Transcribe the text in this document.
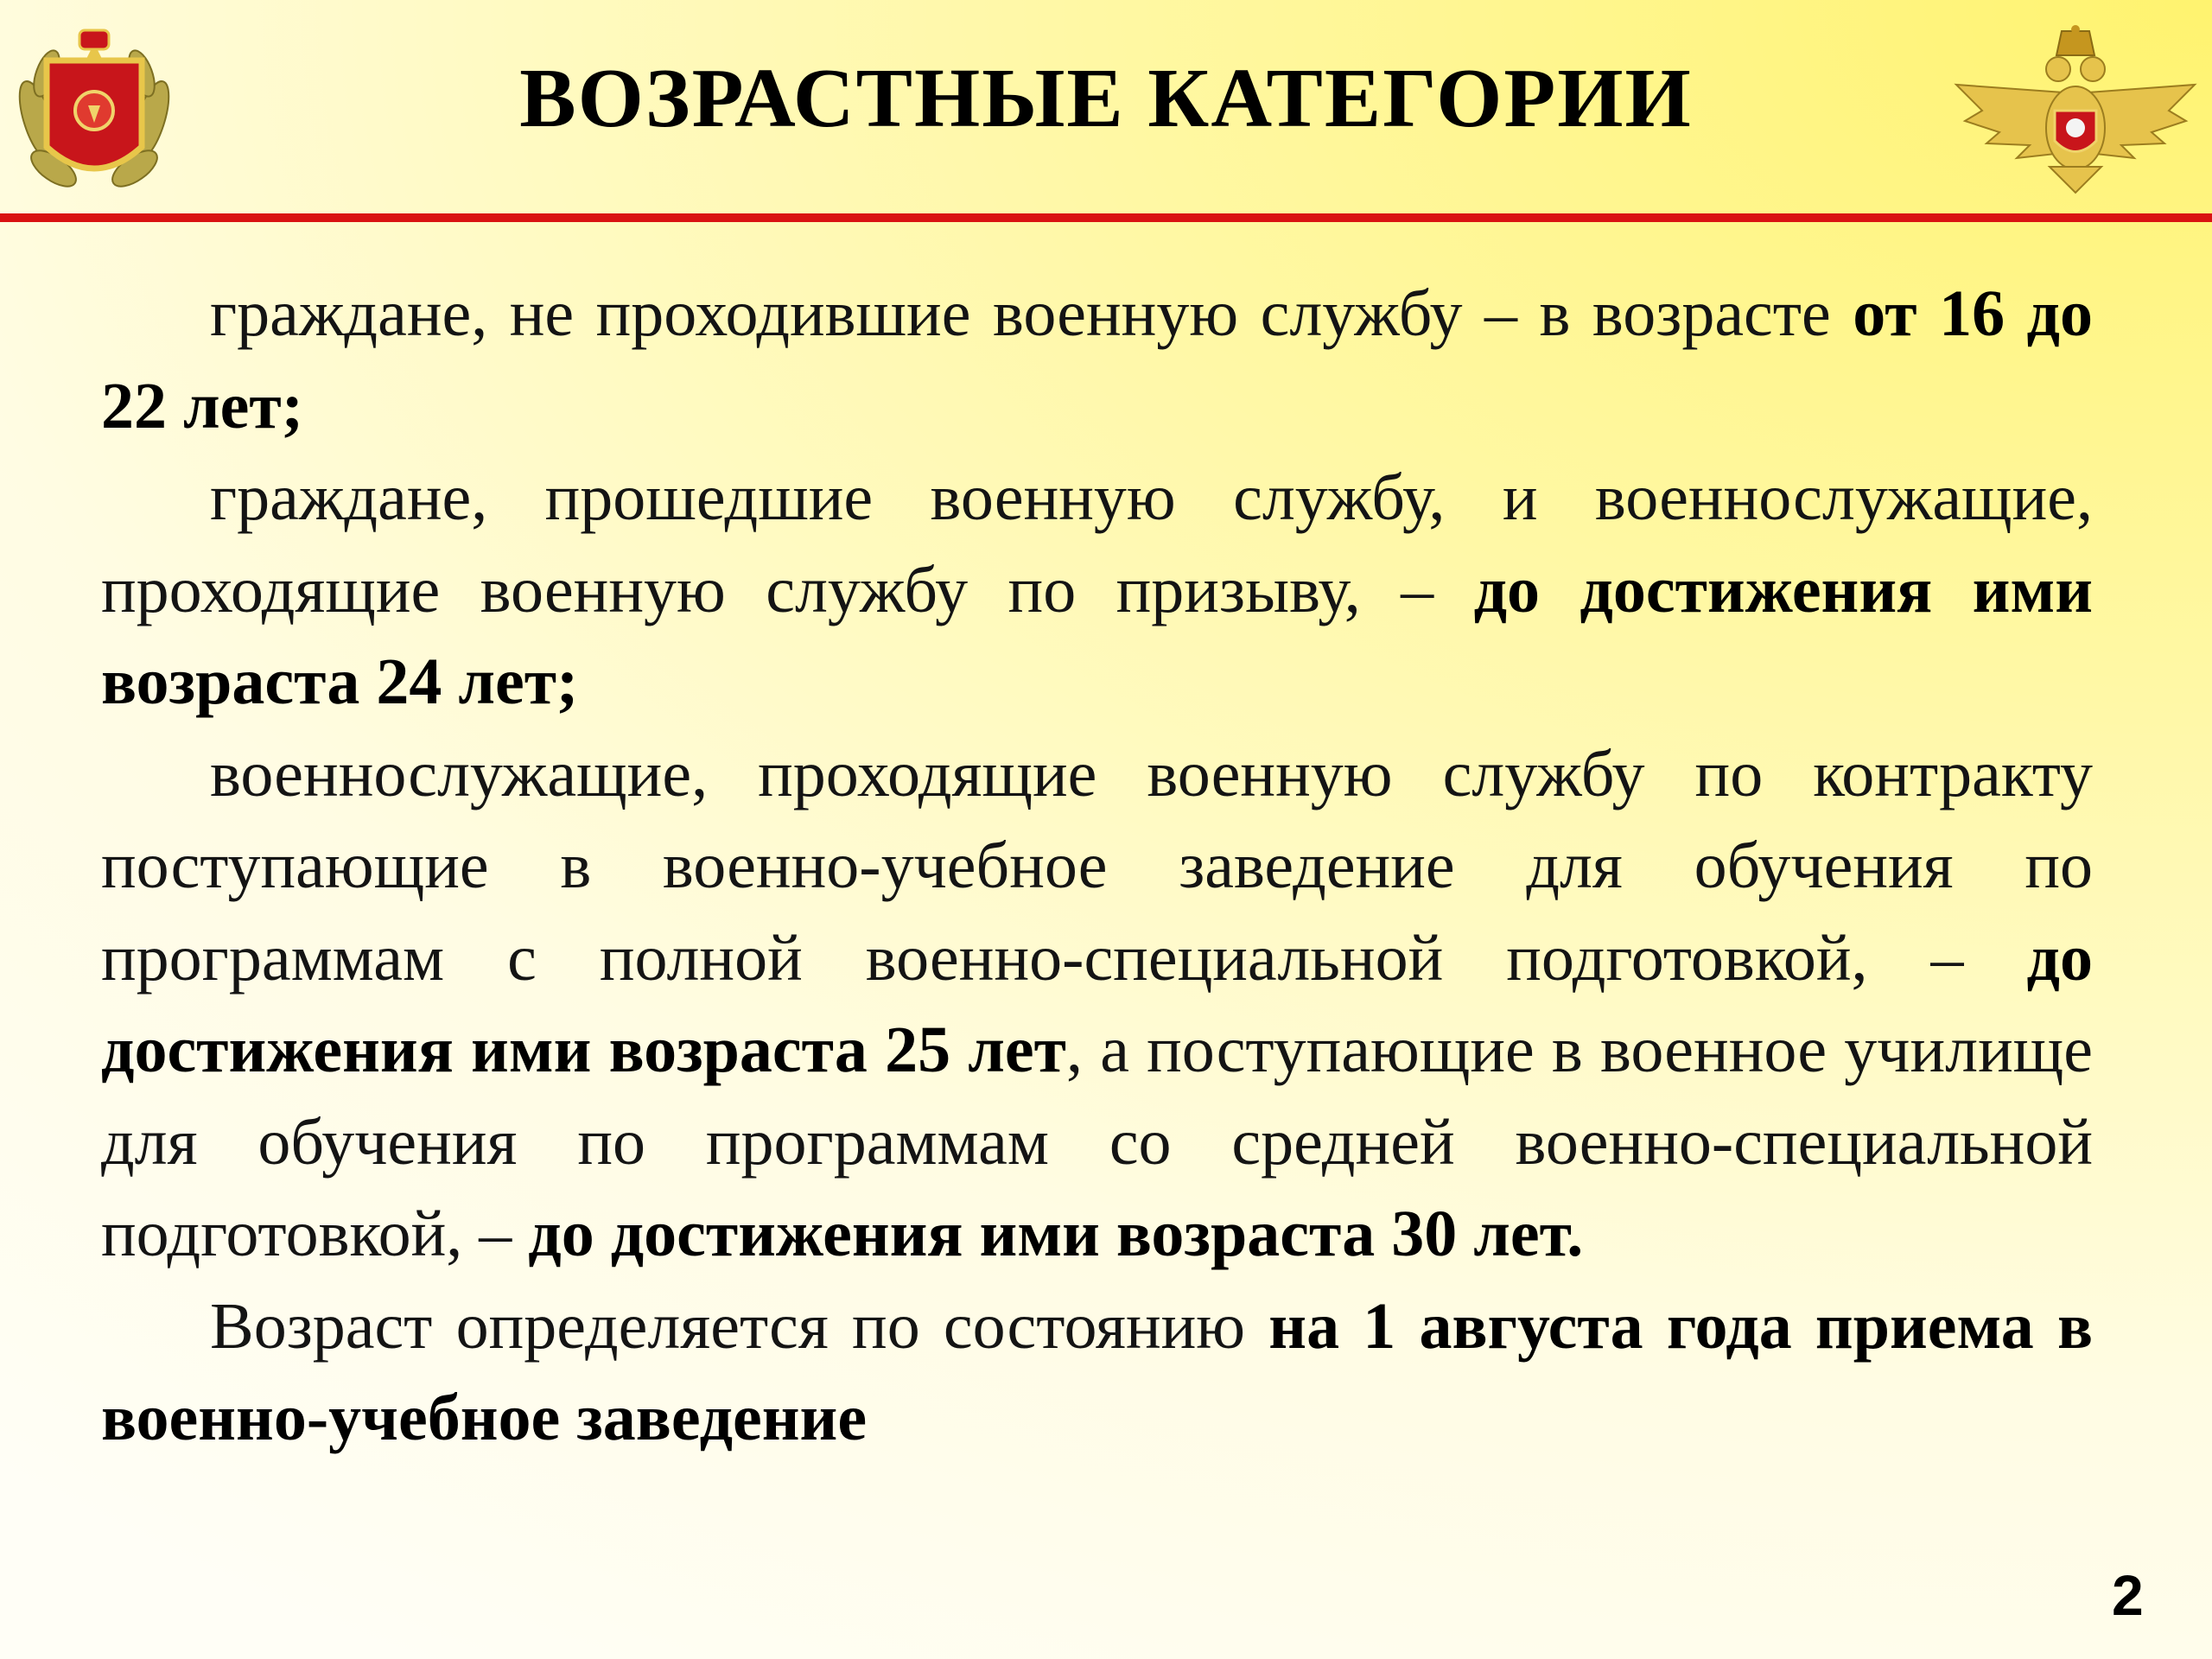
ВОЗРАСТНЫЕ КАТЕГОРИИ

граждане, не проходившие военную службу – в возрасте от 16 до 22 лет;

граждане, прошедшие военную службу, и военнослужащие, проходящие военную службу по призыву, – до достижения ими возраста 24 лет;

военнослужащие, проходящие военную службу по контракту поступающие в военно-учебное заведение для обучения по программам с полной военно-специальной подготовкой, – до достижения ими возраста 25 лет, а поступающие в военное училище для обучения по программам со средней военно-специальной подготовкой, – до достижения ими возраста 30 лет.

Возраст определяется по состоянию на 1 августа года приема в военно-учебное заведение

2
